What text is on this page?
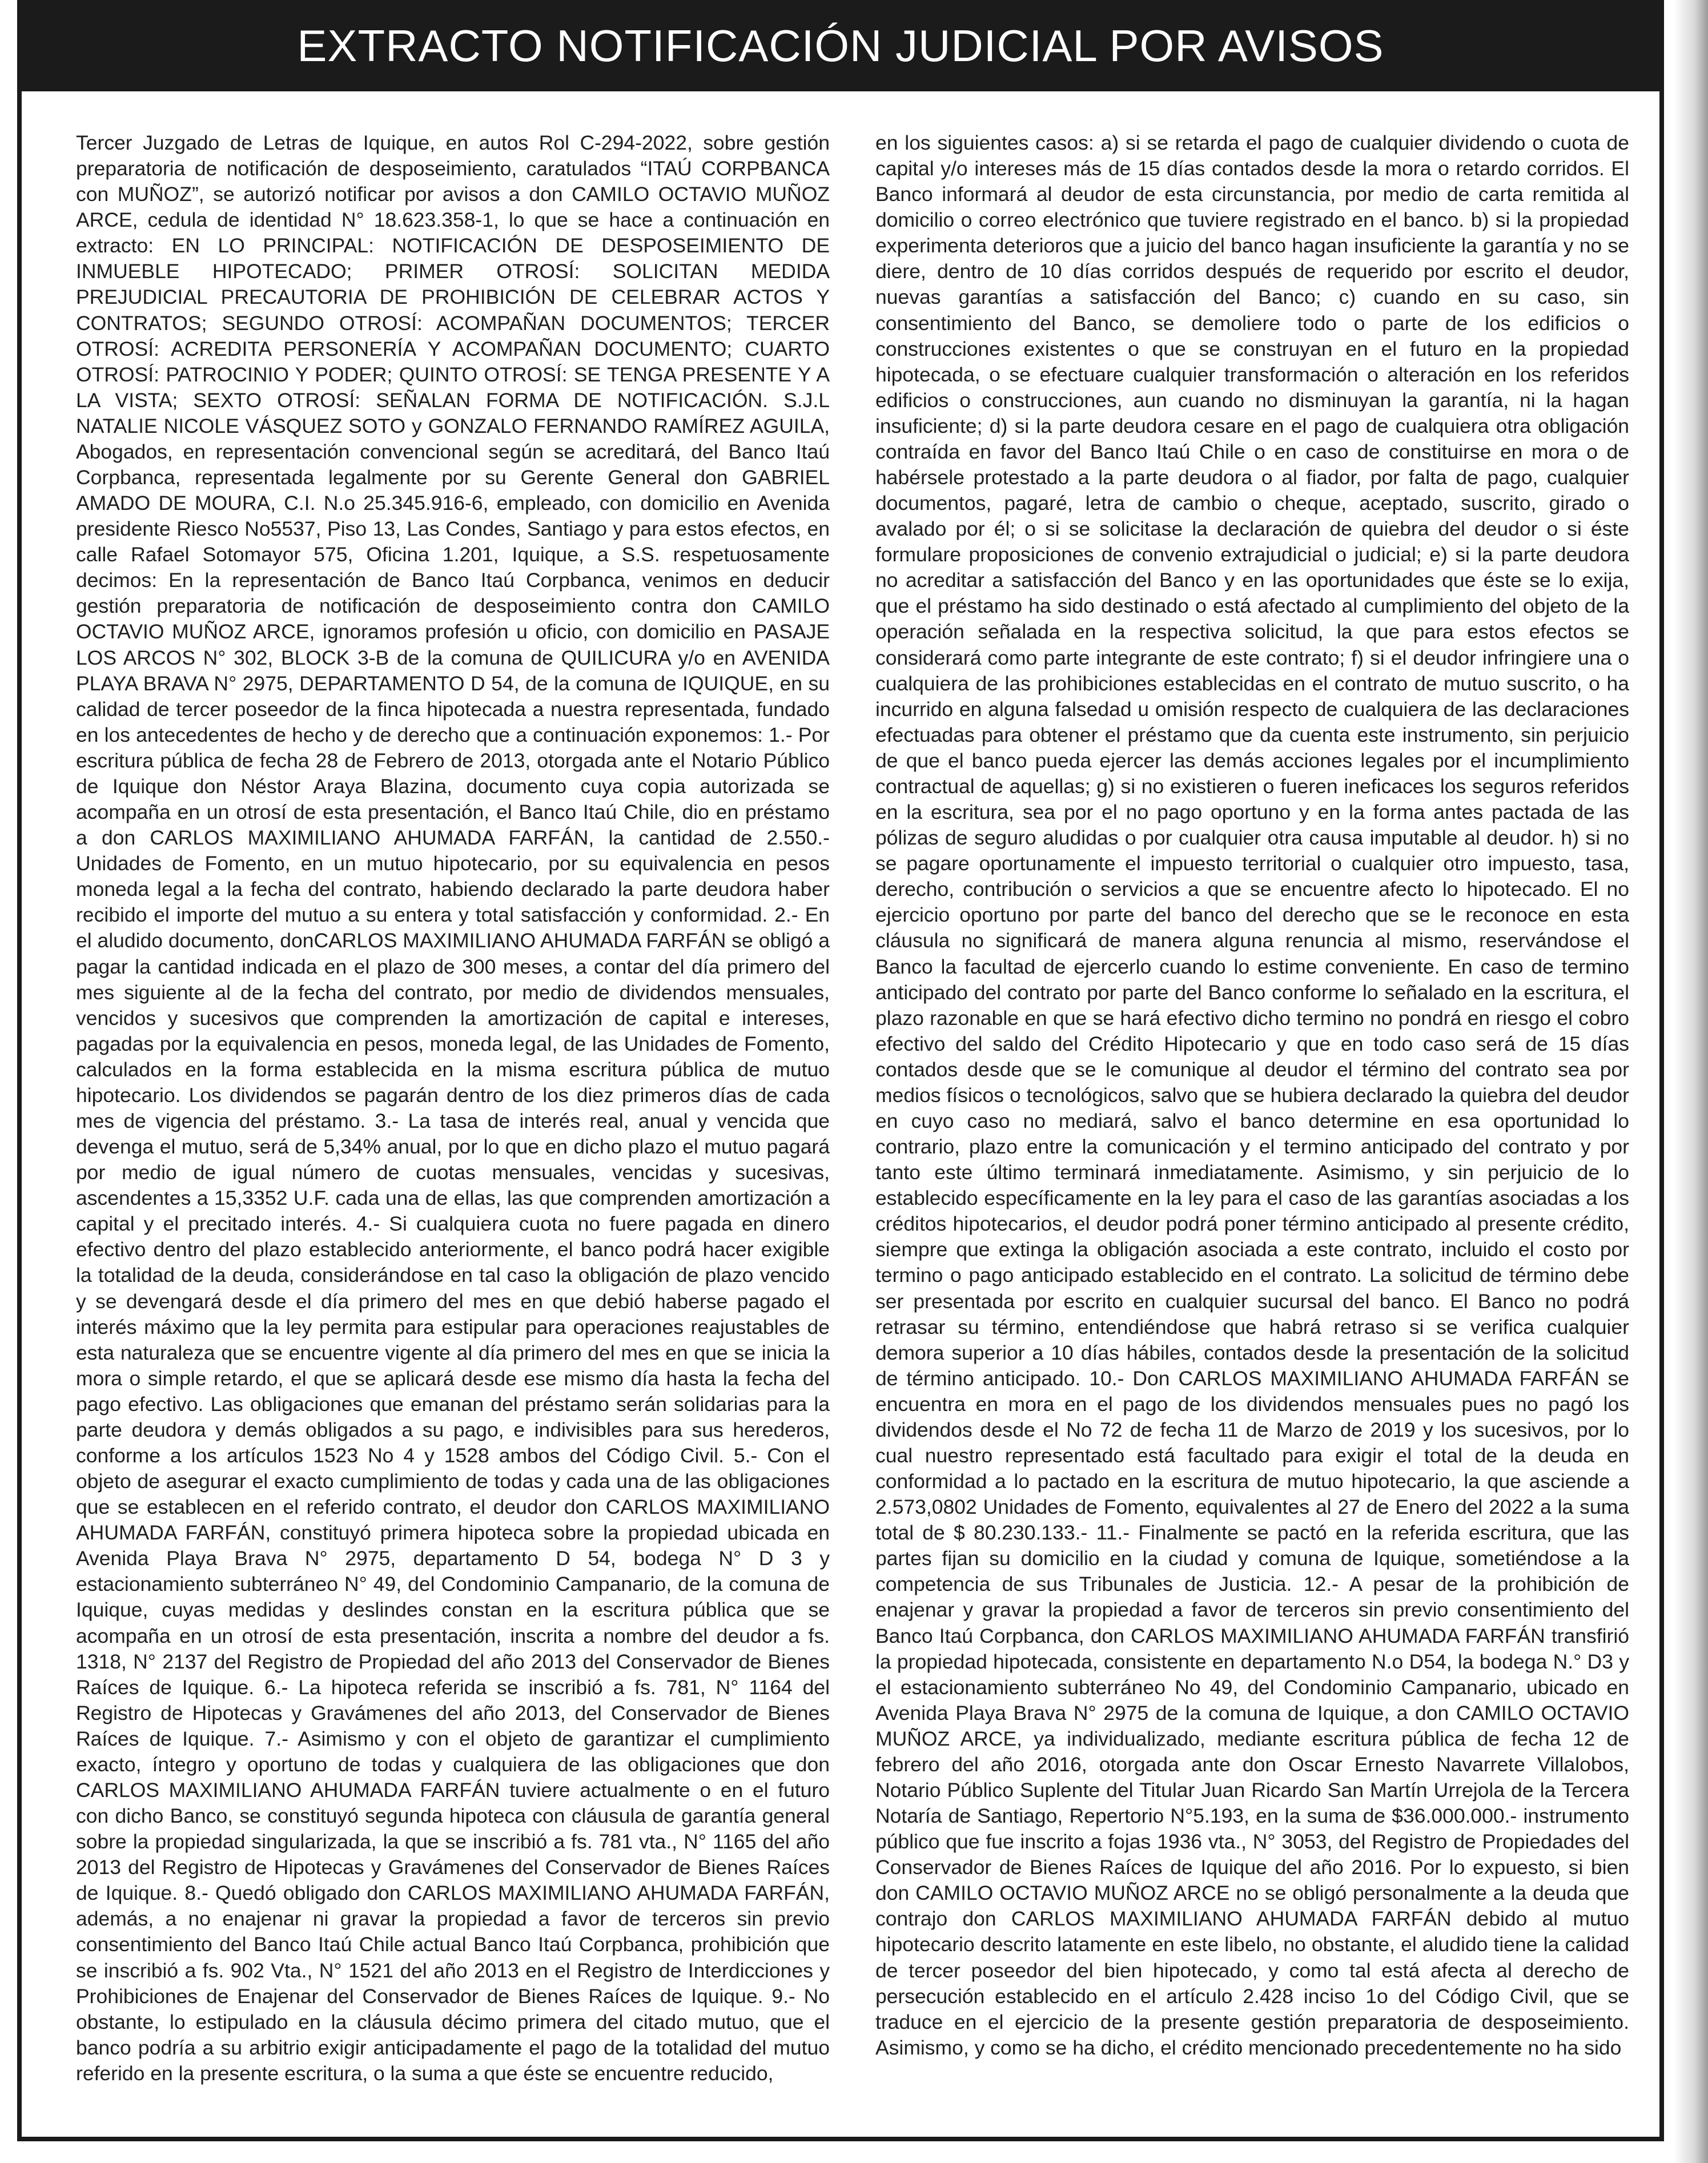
EXTRACTO NOTIFICACIÓN JUDICIAL POR AVISOS
Tercer Juzgado de Letras de Iquique, en autos Rol C-294-2022, sobre gestión preparatoria de notificación de desposeimiento, caratulados “ITAÚ CORPBANCA con MUÑOZ”, se autorizó notificar por avisos a don CAMILO OCTAVIO MUÑOZ ARCE, cedula de identidad N° 18.623.358-1, lo que se hace a continuación en extracto: EN LO PRINCIPAL: NOTIFICACIÓN DE DESPOSEIMIENTO DE INMUEBLE HIPOTECADO; PRIMER OTROSÍ: SOLICITAN MEDIDA PREJUDICIAL PRECAUTORIA DE PROHIBICIÓN DE CELEBRAR ACTOS Y CONTRATOS; SEGUNDO OTROSÍ: ACOMPAÑAN DOCUMENTOS; TERCER OTROSÍ: ACREDITA PERSONERÍA Y ACOMPAÑAN DOCUMENTO; CUARTO OTROSÍ: PATROCINIO Y PODER; QUINTO OTROSÍ: SE TENGA PRESENTE Y A LA VISTA; SEXTO OTROSÍ: SEÑALAN FORMA DE NOTIFICACIÓN. S.J.L NATALIE NICOLE VÁSQUEZ SOTO y GONZALO FERNANDO RAMÍREZ AGUILA, Abogados, en representación convencional según se acreditará, del Banco Itaú Corpbanca, representada legalmente por su Gerente General don GABRIEL AMADO DE MOURA, C.I. N.o 25.345.916-6, empleado, con domicilio en Avenida presidente Riesco No5537, Piso 13, Las Condes, Santiago y para estos efectos, en calle Rafael Sotomayor 575, Oficina 1.201, Iquique, a S.S. respetuosamente decimos: En la representación de Banco Itaú Corpbanca, venimos en deducir gestión preparatoria de notificación de desposeimiento contra don CAMILO OCTAVIO MUÑOZ ARCE, ignoramos profesión u oficio, con domicilio en PASAJE LOS ARCOS N° 302, BLOCK 3-B de la comuna de QUILICURA y/o en AVENIDA PLAYA BRAVA N° 2975, DEPARTAMENTO D 54, de la comuna de IQUIQUE, en su calidad de tercer poseedor de la finca hipotecada a nuestra representada, fundado en los antecedentes de hecho y de derecho que a continuación exponemos: 1.- Por escritura pública de fecha 28 de Febrero de 2013, otorgada ante el Notario Público de Iquique don Néstor Araya Blazina, documento cuya copia autorizada se acompaña en un otrosí de esta presentación, el Banco Itaú Chile, dio en préstamo a don CARLOS MAXIMILIANO AHUMADA FARFÁN, la cantidad de 2.550.- Unidades de Fomento, en un mutuo hipotecario, por su equivalencia en pesos moneda legal a la fecha del contrato, habiendo declarado la parte deudora haber recibido el importe del mutuo a su entera y total satisfacción y conformidad. 2.- En el aludido documento, donCARLOS MAXIMILIANO AHUMADA FARFÁN se obligó a pagar la cantidad indicada en el plazo de 300 meses, a contar del día primero del mes siguiente al de la fecha del contrato, por medio de dividendos mensuales, vencidos y sucesivos que comprenden la amortización de capital e intereses, pagadas por la equivalencia en pesos, moneda legal, de las Unidades de Fomento, calculados en la forma establecida en la misma escritura pública de mutuo hipotecario. Los dividendos se pagarán dentro de los diez primeros días de cada mes de vigencia del préstamo. 3.- La tasa de interés real, anual y vencida que devenga el mutuo, será de 5,34% anual, por lo que en dicho plazo el mutuo pagará por medio de igual número de cuotas mensuales, vencidas y sucesivas, ascendentes a 15,3352 U.F. cada una de ellas, las que comprenden amortización a capital y el precitado interés. 4.- Si cualquiera cuota no fuere pagada en dinero efectivo dentro del plazo establecido anteriormente, el banco podrá hacer exigible la totalidad de la deuda, considerándose en tal caso la obligación de plazo vencido y se devengará desde el día primero del mes en que debió haberse pagado el interés máximo que la ley permita para estipular para operaciones reajustables de esta naturaleza que se encuentre vigente al día primero del mes en que se inicia la mora o simple retardo, el que se aplicará desde ese mismo día hasta la fecha del pago efectivo. Las obligaciones que emanan del préstamo serán solidarias para la parte deudora y demás obligados a su pago, e indivisibles para sus herederos, conforme a los artículos 1523 No 4 y 1528 ambos del Código Civil. 5.- Con el objeto de asegurar el exacto cumplimiento de todas y cada una de las obligaciones que se establecen en el referido contrato, el deudor don CARLOS MAXIMILIANO AHUMADA FARFÁN, constituyó primera hipoteca sobre la propiedad ubicada en Avenida Playa Brava N° 2975, departamento D 54, bodega N° D 3 y estacionamiento subterráneo N° 49, del Condominio Campanario, de la comuna de Iquique, cuyas medidas y deslindes constan en la escritura pública que se acompaña en un otrosí de esta presentación, inscrita a nombre del deudor a fs. 1318, N° 2137 del Registro de Propiedad del año 2013 del Conservador de Bienes Raíces de Iquique. 6.- La hipoteca referida se inscribió a fs. 781, N° 1164 del Registro de Hipotecas y Gravámenes del año 2013, del Conservador de Bienes Raíces de Iquique. 7.- Asimismo y con el objeto de garantizar el cumplimiento exacto, íntegro y oportuno de todas y cualquiera de las obligaciones que don CARLOS MAXIMILIANO AHUMADA FARFÁN tuviere actualmente o en el futuro con dicho Banco, se constituyó segunda hipoteca con cláusula de garantía general sobre la propiedad singularizada, la que se inscribió a fs. 781 vta., N° 1165 del año 2013 del Registro de Hipotecas y Gravámenes del Conservador de Bienes Raíces de Iquique. 8.- Quedó obligado don CARLOS MAXIMILIANO AHUMADA FARFÁN, además, a no enajenar ni gravar la propiedad a favor de terceros sin previo consentimiento del Banco Itaú Chile actual Banco Itaú Corpbanca, prohibición que se inscribió a fs. 902 Vta., N° 1521 del año 2013 en el Registro de Interdicciones y Prohibiciones de Enajenar del Conservador de Bienes Raíces de Iquique. 9.- No obstante, lo estipulado en la cláusula décimo primera del citado mutuo, que el banco podría a su arbitrio exigir anticipadamente el pago de la totalidad del mutuo referido en la presente escritura, o la suma a que éste se encuentre reducido,
en los siguientes casos: a) si se retarda el pago de cualquier dividendo o cuota de capital y/o intereses más de 15 días contados desde la mora o retardo corridos. El Banco informará al deudor de esta circunstancia, por medio de carta remitida al domicilio o correo electrónico que tuviere registrado en el banco. b) si la propiedad experimenta deterioros que a juicio del banco hagan insuficiente la garantía y no se diere, dentro de 10 días corridos después de requerido por escrito el deudor, nuevas garantías a satisfacción del Banco; c) cuando en su caso, sin consentimiento del Banco, se demoliere todo o parte de los edificios o construcciones existentes o que se construyan en el futuro en la propiedad hipotecada, o se efectuare cualquier transformación o alteración en los referidos edificios o construcciones, aun cuando no disminuyan la garantía, ni la hagan insuficiente; d) si la parte deudora cesare en el pago de cualquiera otra obligación contraída en favor del Banco Itaú Chile o en caso de constituirse en mora o de habérsele protestado a la parte deudora o al fiador, por falta de pago, cualquier documentos, pagaré, letra de cambio o cheque, aceptado, suscrito, girado o avalado por él; o si se solicitase la declaración de quiebra del deudor o si éste formulare proposiciones de convenio extrajudicial o judicial; e) si la parte deudora no acreditar a satisfacción del Banco y en las oportunidades que éste se lo exija, que el préstamo ha sido destinado o está afectado al cumplimiento del objeto de la operación señalada en la respectiva solicitud, la que para estos efectos se considerará como parte integrante de este contrato; f) si el deudor infringiere una o cualquiera de las prohibiciones establecidas en el contrato de mutuo suscrito, o ha incurrido en alguna falsedad u omisión respecto de cualquiera de las declaraciones efectuadas para obtener el préstamo que da cuenta este instrumento, sin perjuicio de que el banco pueda ejercer las demás acciones legales por el incumplimiento contractual de aquellas; g) si no existieren o fueren ineficaces los seguros referidos en la escritura, sea por el no pago oportuno y en la forma antes pactada de las pólizas de seguro aludidas o por cualquier otra causa imputable al deudor. h) si no se pagare oportunamente el impuesto territorial o cualquier otro impuesto, tasa, derecho, contribución o servicios a que se encuentre afecto lo hipotecado. El no ejercicio oportuno por parte del banco del derecho que se le reconoce en esta cláusula no significará de manera alguna renuncia al mismo, reservándose el Banco la facultad de ejercerlo cuando lo estime conveniente. En caso de termino anticipado del contrato por parte del Banco conforme lo señalado en la escritura, el plazo razonable en que se hará efectivo dicho termino no pondrá en riesgo el cobro efectivo del saldo del Crédito Hipotecario y que en todo caso será de 15 días contados desde que se le comunique al deudor el término del contrato sea por medios físicos o tecnológicos, salvo que se hubiera declarado la quiebra del deudor en cuyo caso no mediará, salvo el banco determine en esa oportunidad lo contrario, plazo entre la comunicación y el termino anticipado del contrato y por tanto este último terminará inmediatamente. Asimismo, y sin perjuicio de lo establecido específicamente en la ley para el caso de las garantías asociadas a los créditos hipotecarios, el deudor podrá poner término anticipado al presente crédito, siempre que extinga la obligación asociada a este contrato, incluido el costo por termino o pago anticipado establecido en el contrato. La solicitud de término debe ser presentada por escrito en cualquier sucursal del banco. El Banco no podrá retrasar su término, entendiéndose que habrá retraso si se verifica cualquier demora superior a 10 días hábiles, contados desde la presentación de la solicitud de término anticipado. 10.- Don CARLOS MAXIMILIANO AHUMADA FARFÁN se encuentra en mora en el pago de los dividendos mensuales pues no pagó los dividendos desde el No 72 de fecha 11 de Marzo de 2019 y los sucesivos, por lo cual nuestro representado está facultado para exigir el total de la deuda en conformidad a lo pactado en la escritura de mutuo hipotecario, la que asciende a 2.573,0802 Unidades de Fomento, equivalentes al 27 de Enero del 2022 a la suma total de $ 80.230.133.- 11.- Finalmente se pactó en la referida escritura, que las partes fijan su domicilio en la ciudad y comuna de Iquique, sometiéndose a la competencia de sus Tribunales de Justicia. 12.- A pesar de la prohibición de enajenar y gravar la propiedad a favor de terceros sin previo consentimiento del Banco Itaú Corpbanca, don CARLOS MAXIMILIANO AHUMADA FARFÁN transfirió la propiedad hipotecada, consistente en departamento N.o D54, la bodega N.° D3 y el estacionamiento subterráneo No 49, del Condominio Campanario, ubicado en Avenida Playa Brava N° 2975 de la comuna de Iquique, a don CAMILO OCTAVIO MUÑOZ ARCE, ya individualizado, mediante escritura pública de fecha 12 de febrero del año 2016, otorgada ante don Oscar Ernesto Navarrete Villalobos, Notario Público Suplente del Titular Juan Ricardo San Martín Urrejola de la Tercera Notaría de Santiago, Repertorio N°5.193, en la suma de $36.000.000.- instrumento público que fue inscrito a fojas 1936 vta., N° 3053, del Registro de Propiedades del Conservador de Bienes Raíces de Iquique del año 2016. Por lo expuesto, si bien don CAMILO OCTAVIO MUÑOZ ARCE no se obligó personalmente a la deuda que contrajo don CARLOS MAXIMILIANO AHUMADA FARFÁN debido al mutuo hipotecario descrito latamente en este libelo, no obstante, el aludido tiene la calidad de tercer poseedor del bien hipotecado, y como tal está afecta al derecho de persecución establecido en el artículo 2.428 inciso 1o del Código Civil, que se traduce en el ejercicio de la presente gestión preparatoria de desposeimiento. Asimismo, y como se ha dicho, el crédito mencionado precedentemente no ha sido
